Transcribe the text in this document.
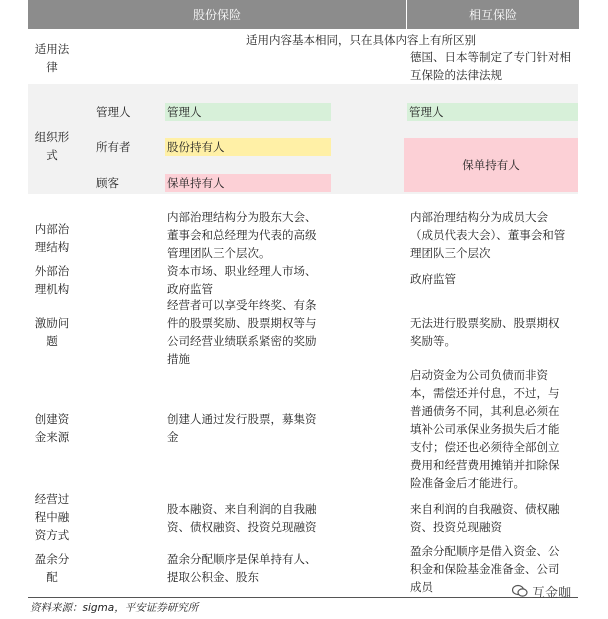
股份保险	相互保险
适用法律
适用内容基本相同，只在具体内容上有所区别
德国、日本等制定了专门针对相互保险的法律法规
组织形式
管理人
所有者
顾客
管理人
股份持有人
保单持有人
管理人
保单持有人
内部治理结构
内部治理结构分为股东大会、董事会和总经理为代表的高级管理团队三个层次。
内部治理结构分为成员大会（成员代表大会）、董事会和管理团队三个层次
外部治理机构
资本市场、职业经理人市场、政府监管
政府监管
激励问题
经营者可以享受年终奖、有条件的股票奖励、股票期权等与公司经营业绩联系紧密的奖励措施
无法进行股票奖励、股票期权奖励等。
创建资金来源
创建人通过发行股票，募集资金
启动资金为公司负债而非资本，需偿还并付息，不过，与普通债务不同，其利息必须在填补公司承保业务损失后才能支付；偿还也必须待全部创立费用和经营费用摊销并扣除保险准备金后才能进行。
经营过程中融资方式
股本融资、来自利润的自我融资、债权融资、投资兑现融资
来自利润的自我融资、债权融资、投资兑现融资
盈余分配
盈余分配顺序是保单持有人、提取公积金、股东
盈余分配顺序是借入资金、公积金和保险基金准备金、公司成员
资料来源：sigma，平安证券研究所
互金咖
